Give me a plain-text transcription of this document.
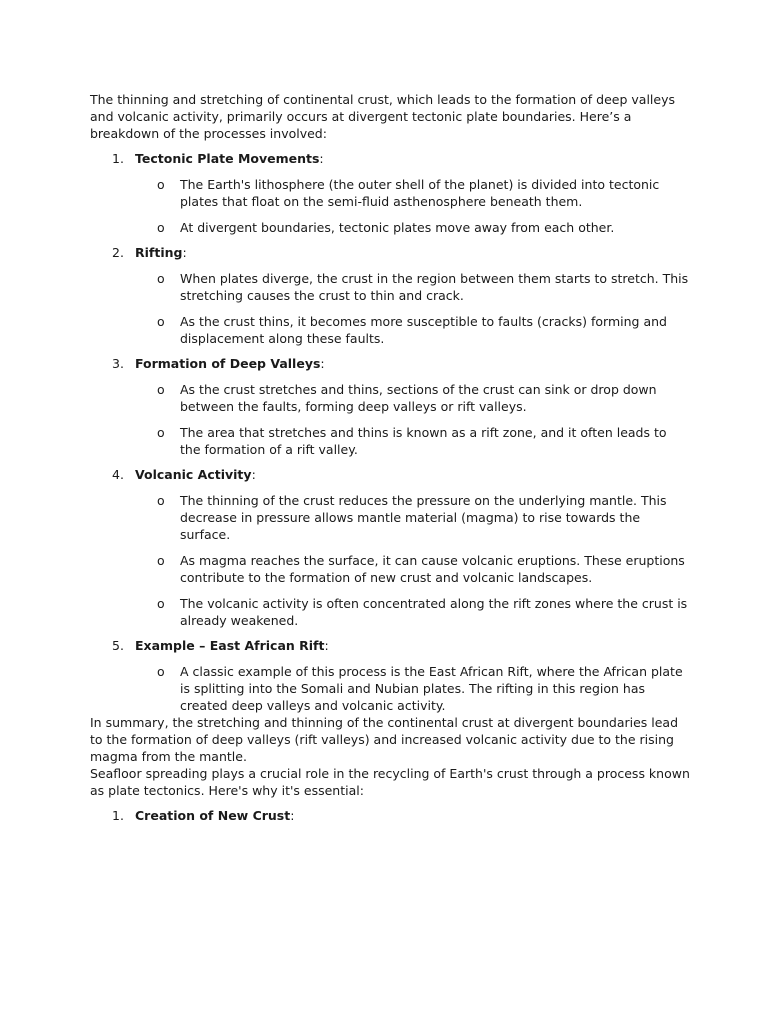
The thinning and stretching of continental crust, which leads to the formation of deep valleys and volcanic activity, primarily occurs at divergent tectonic plate boundaries. Here’s a breakdown of the processes involved:

1. Tectonic Plate Movements:
o The Earth's lithosphere (the outer shell of the planet) is divided into tectonic plates that float on the semi-fluid asthenosphere beneath them.
o At divergent boundaries, tectonic plates move away from each other.
2. Rifting:
o When plates diverge, the crust in the region between them starts to stretch. This stretching causes the crust to thin and crack.
o As the crust thins, it becomes more susceptible to faults (cracks) forming and displacement along these faults.
3. Formation of Deep Valleys:
o As the crust stretches and thins, sections of the crust can sink or drop down between the faults, forming deep valleys or rift valleys.
o The area that stretches and thins is known as a rift zone, and it often leads to the formation of a rift valley.
4. Volcanic Activity:
o The thinning of the crust reduces the pressure on the underlying mantle. This decrease in pressure allows mantle material (magma) to rise towards the surface.
o As magma reaches the surface, it can cause volcanic eruptions. These eruptions contribute to the formation of new crust and volcanic landscapes.
o The volcanic activity is often concentrated along the rift zones where the crust is already weakened.
5. Example – East African Rift:
o A classic example of this process is the East African Rift, where the African plate is splitting into the Somali and Nubian plates. The rifting in this region has created deep valleys and volcanic activity.

In summary, the stretching and thinning of the continental crust at divergent boundaries lead to the formation of deep valleys (rift valleys) and increased volcanic activity due to the rising magma from the mantle.

Seafloor spreading plays a crucial role in the recycling of Earth's crust through a process known as plate tectonics. Here's why it's essential:

1. Creation of New Crust:
